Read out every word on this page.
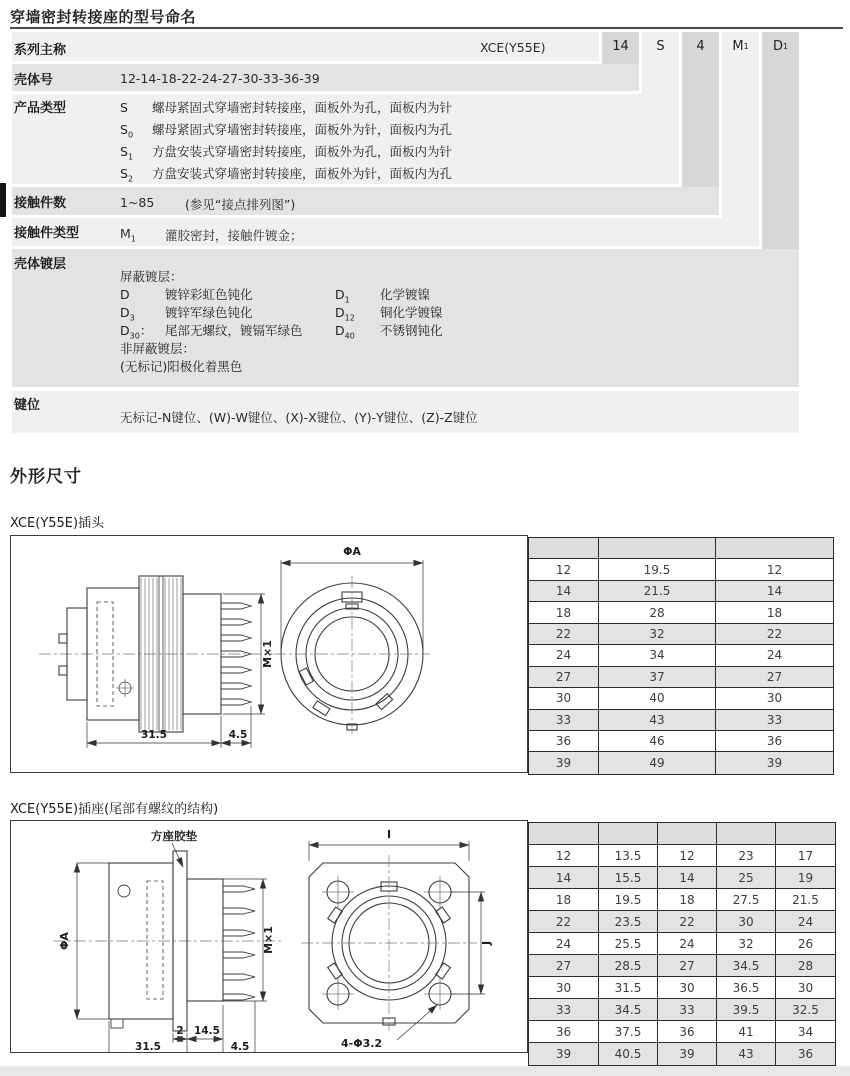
穿墙密封转接座的型号命名
14 S 4 M 1 D 1
系列主称	XCE(Y55E)
壳体号	12-14-18-22-24-27-30-33-36-39
产品类型	S	螺母紧固式穿墙密封转接座，面板外为孔，面板内为针
$S_0$	螺母紧固式穿墙密封转接座，面板外为针，面板内为孔
$S_1$	方盘安装式穿墙密封转接座，面板外为孔，面板内为针
$S_2$	方盘安装式穿墙密封转接座，面板外为针，面板内为孔
接触件数	1~85 (参见“接点排列图”)
接触件类型	$M_1$ 灌胶密封，接触件镀金；
壳体镀层
屏蔽镀层：
D	镀锌彩虹色钝化	$D_1$	化学镀镍
$D_3$	镀锌军绿色钝化	$D_{12}$	铜化学镀镍
$D_{30}$：	尾部无螺纹，镀镉军绿色	$D_{40}$	不锈钢钝化
非屏蔽镀层：
(无标记)阳极化着黑色
键位
无标记-N键位、(W)-W键位、(X)-X键位、(Y)-Y键位、(Z)-Z键位
外形尺寸
XCE(Y55E)插头
31.5	4.5
M×1
ΦA
12	19.5	12
14	21.5	14
18	28	18
22	32	22
24	34	24
27	37	27
30	40	30
33	43	33
36	46	36
39	49	39
XCE(Y55E)插座(尾部有螺纹的结构)
ΦA
方座胶垫
M×1
2 14.5
31.5	4.5
I
J
4-Φ3.2
12	13.5	12	23	17
14	15.5	14	25	19
18	19.5	18	27.5	21.5
22	23.5	22	30	24
24	25.5	24	32	26
27	28.5	27	34.5	28
30	31.5	30	36.5	30
33	34.5	33	39.5	32.5
36	37.5	36	41	34
39	40.5	39	43	36
